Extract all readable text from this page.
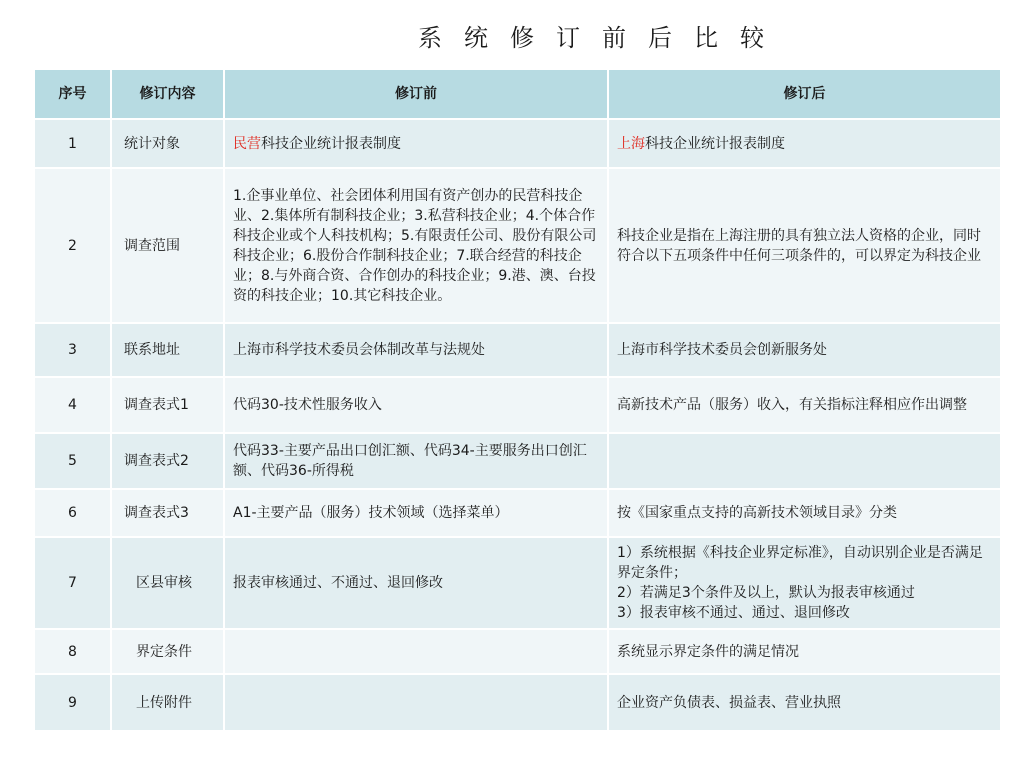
系统修订前后比较
序号	修订内容	修订前	修订后
1	统计对象	民营科技企业统计报表制度	上海科技企业统计报表制度
2	调查范围	1.企事业单位、社会团体利用国有资产创办的民营科技企业、2.集体所有制科技企业；3.私营科技企业；4.个体合作科技企业或个人科技机构；5.有限责任公司、股份有限公司科技企业；6.股份合作制科技企业；7.联合经营的科技企业；8.与外商合资、合作创办的科技企业；9.港、澳、台投资的科技企业；10.其它科技企业。	科技企业是指在上海注册的具有独立法人资格的企业，同时符合以下五项条件中任何三项条件的，可以界定为科技企业
3	联系地址	上海市科学技术委员会体制改革与法规处	上海市科学技术委员会创新服务处
4	调查表式1	代码30-技术性服务收入	高新技术产品（服务）收入，有关指标注释相应作出调整
5	调查表式2	代码33-主要产品出口创汇额、代码34-主要服务出口创汇额、代码36-所得税	
6	调查表式3	A1-主要产品（服务）技术领域（选择菜单）	按《国家重点支持的高新技术领域目录》分类
7	区县审核	报表审核通过、不通过、退回修改	1）系统根据《科技企业界定标准》，自动识别企业是否满足界定条件；
2）若满足3个条件及以上，默认为报表审核通过
3）报表审核不通过、通过、退回修改

8	界定条件		系统显示界定条件的满足情况
9	上传附件		企业资产负债表、损益表、营业执照
